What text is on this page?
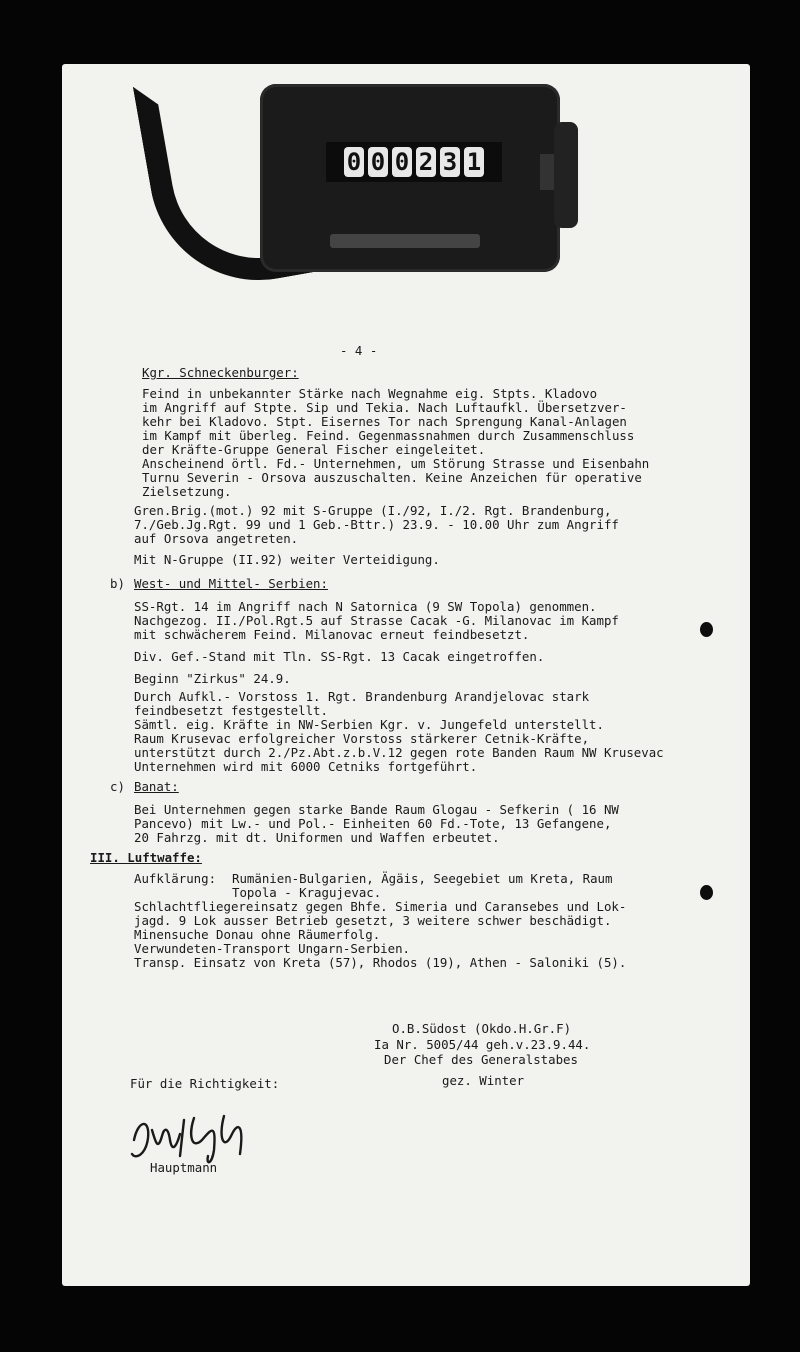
0 0 0 2 3 1
- 4 -
Kgr. Schneckenburger:
Feind in unbekannter Stärke nach Wegnahme eig. Stpts. Kladovo
im Angriff auf Stpte. Sip und Tekia. Nach Luftaufkl. Übersetzver-
kehr bei Kladovo. Stpt. Eisernes Tor nach Sprengung Kanal-Anlagen
im Kampf mit überleg. Feind. Gegenmassnahmen durch Zusammenschluss
der Kräfte-Gruppe General Fischer eingeleitet.
Anscheinend örtl. Fd.- Unternehmen, um Störung Strasse und Eisenbahn
Turnu Severin - Orsova auszuschalten. Keine Anzeichen für operative
Zielsetzung.
Gren.Brig.(mot.) 92 mit S-Gruppe (I./92, I./2. Rgt. Brandenburg,
7./Geb.Jg.Rgt. 99 und 1 Geb.-Bttr.) 23.9. - 10.00 Uhr zum Angriff
auf Orsova angetreten.
Mit N-Gruppe (II.92) weiter Verteidigung.
b) West- und Mittel- Serbien:
SS-Rgt. 14 im Angriff nach N Satornica (9 SW Topola) genommen.
Nachgezog. II./Pol.Rgt.5 auf Strasse Cacak -G. Milanovac im Kampf
mit schwächerem Feind. Milanovac erneut feindbesetzt.
Div. Gef.-Stand mit Tln. SS-Rgt. 13 Cacak eingetroffen.
Beginn "Zirkus" 24.9.
Durch Aufkl.- Vorstoss 1. Rgt. Brandenburg Arandjelovac stark
feindbesetzt festgestellt.
Sämtl. eig. Kräfte in NW-Serbien Kgr. v. Jungefeld unterstellt.
Raum Krusevac erfolgreicher Vorstoss stärkerer Cetnik-Kräfte,
unterstützt durch 2./Pz.Abt.z.b.V.12 gegen rote Banden Raum NW Krusevac
Unternehmen wird mit 6000 Cetniks fortgeführt.
c) Banat:
Bei Unternehmen gegen starke Bande Raum Glogau - Sefkerin ( 16 NW
Pancevo) mit Lw.- und Pol.- Einheiten 60 Fd.-Tote, 13 Gefangene,
20 Fahrzg. mit dt. Uniformen und Waffen erbeutet.
III. Luftwaffe:
Aufklärung: Rumänien-Bulgarien, Ägäis, Seegebiet um Kreta, Raum
Topola - Kragujevac.
Schlachtfliegereinsatz gegen Bhfe. Simeria und Caransebes und Lok-
jagd. 9 Lok ausser Betrieb gesetzt, 3 weitere schwer beschädigt.
Minensuche Donau ohne Räumerfolg.
Verwundeten-Transport Ungarn-Serbien.
Transp. Einsatz von Kreta (57), Rhodos (19), Athen - Saloniki (5).
O.B.Südost (Okdo.H.Gr.F)
Ia Nr. 5005/44 geh.v.23.9.44.
Der Chef des Generalstabes
gez. Winter
Für die Richtigkeit:
Hauptmann
